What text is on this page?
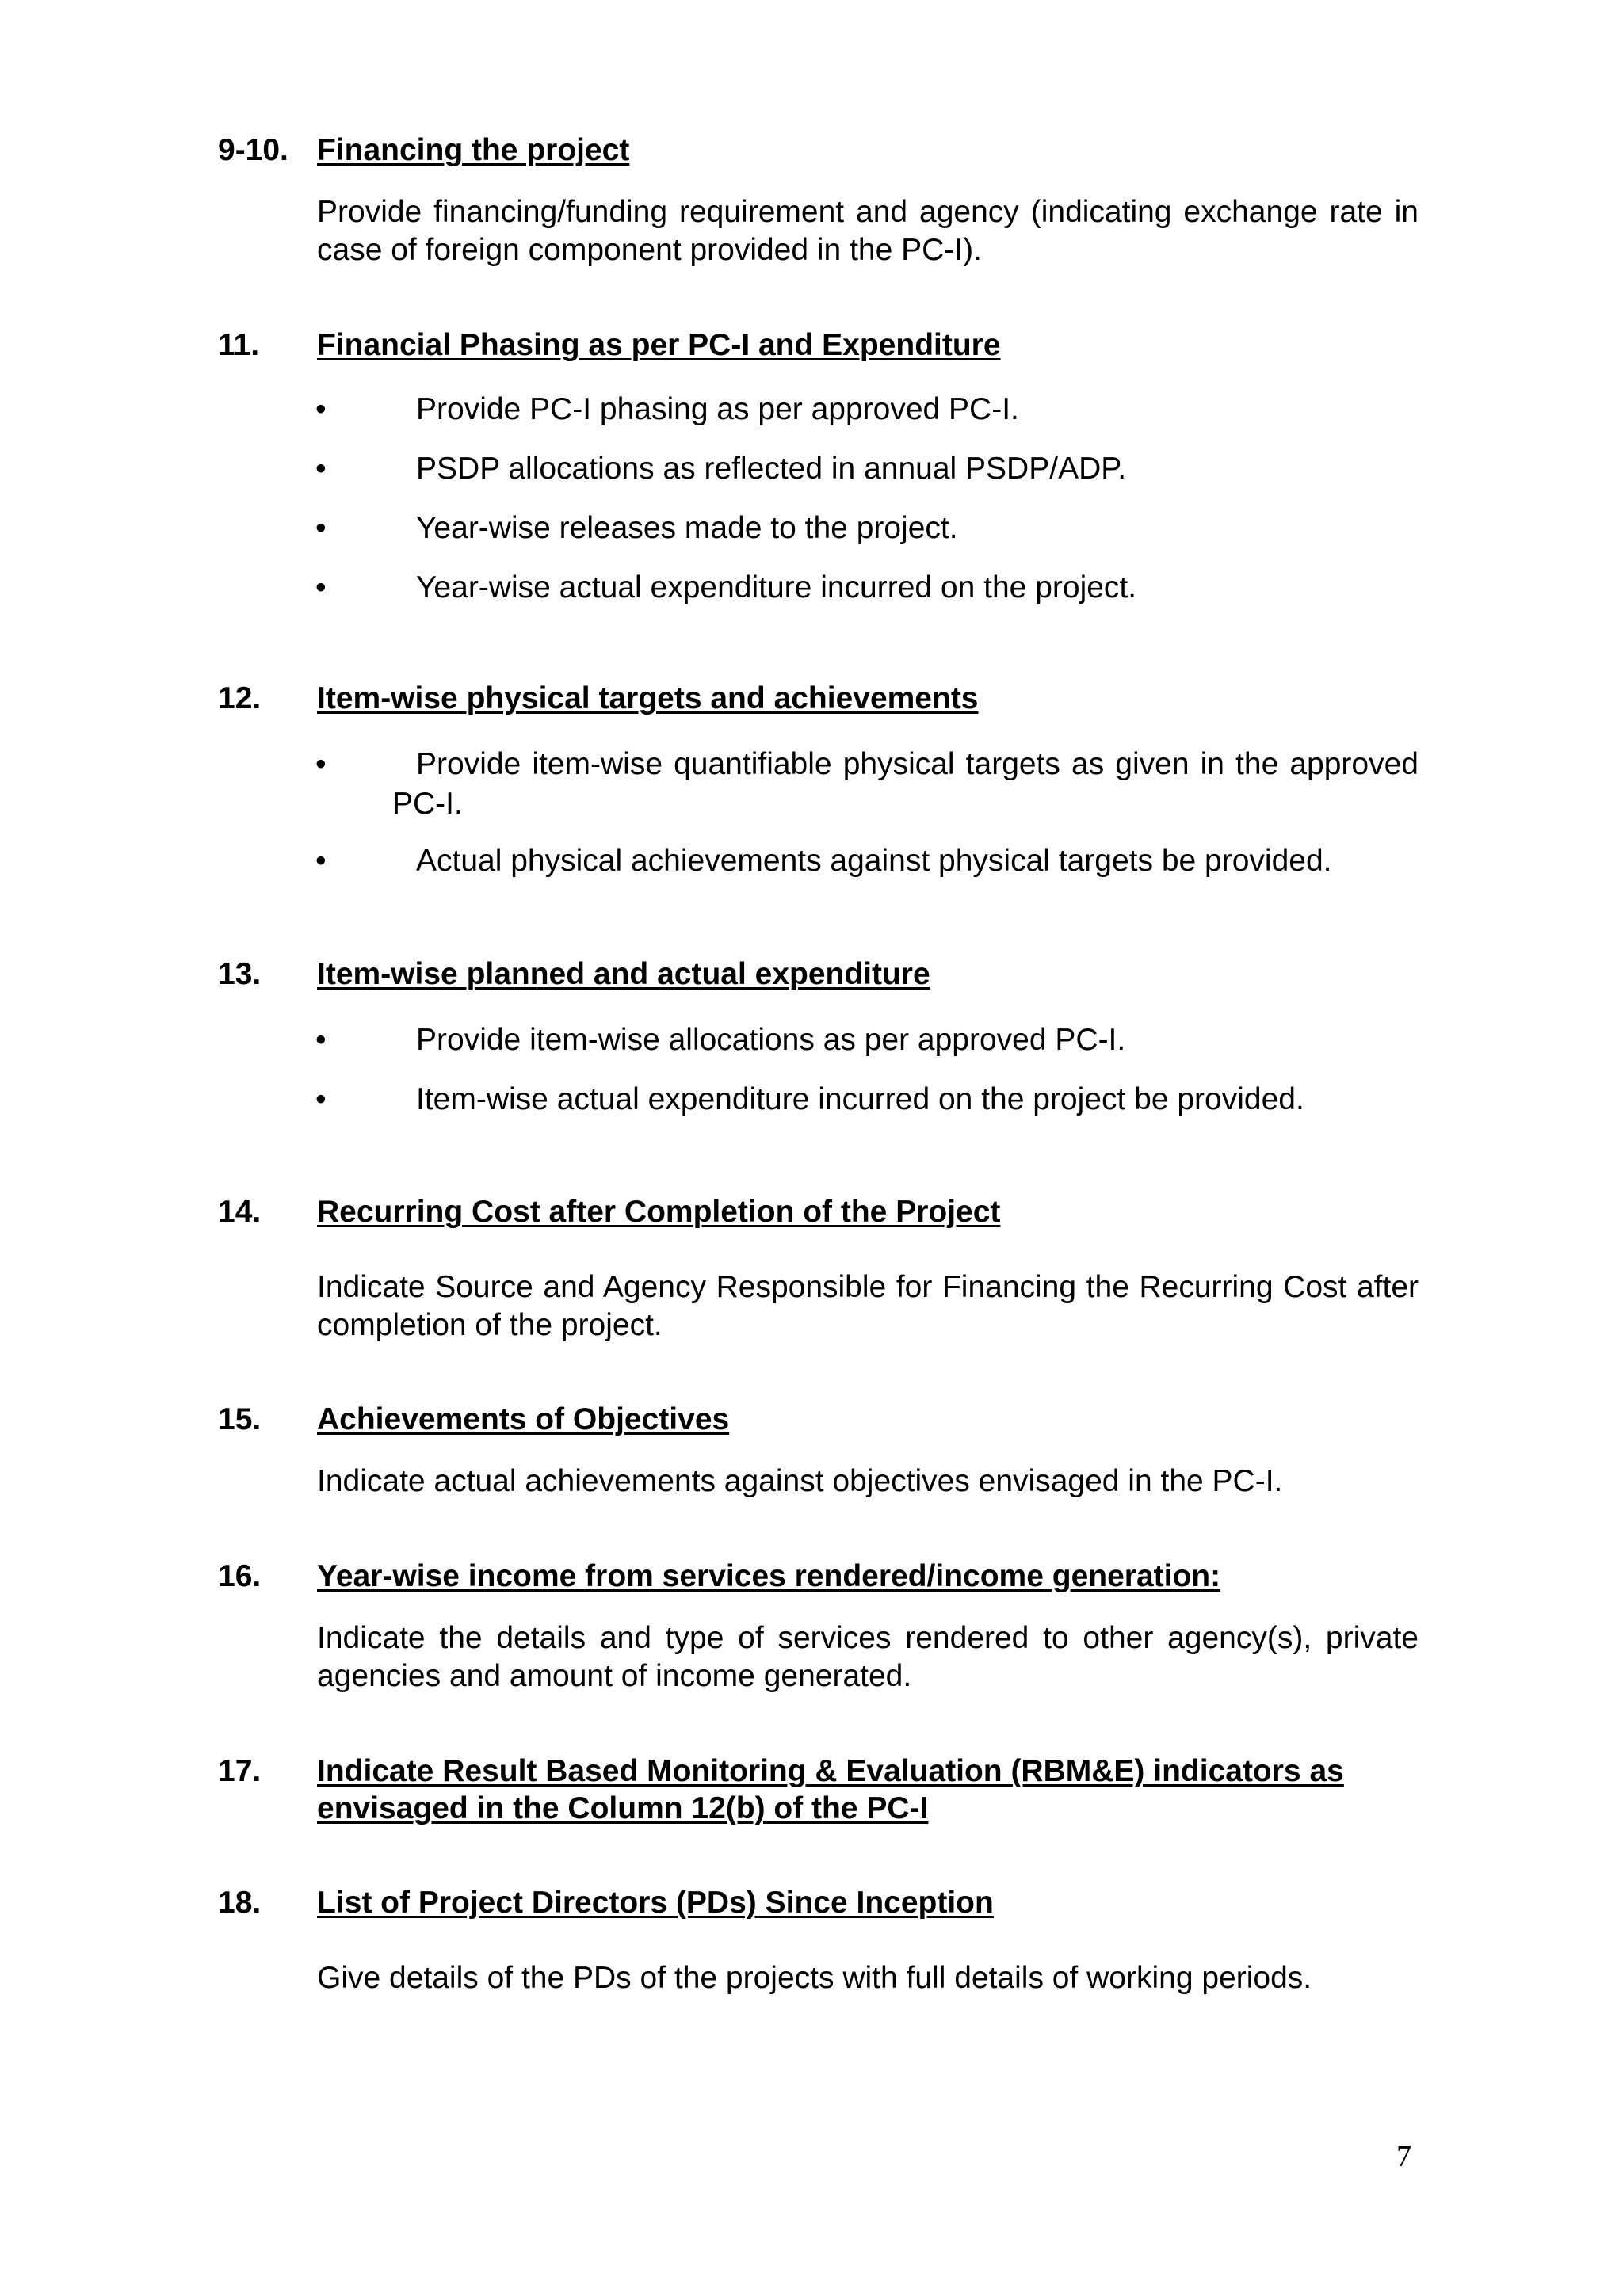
9-10. Financing the project
Provide financing/funding requirement and agency (indicating exchange rate in case of foreign component provided in the PC-I).
11. Financial Phasing as per PC-I and Expenditure
•	Provide PC-I phasing as per approved PC-I.
•	PSDP allocations as reflected in annual PSDP/ADP.
•	Year-wise releases made to the project.
•	Year-wise actual expenditure incurred on the project.
12. Item-wise physical targets and achievements
•	Provide item-wise quantifiable physical targets as given in the approved PC-I.
•	Actual physical achievements against physical targets be provided.
13. Item-wise planned and actual expenditure
•	Provide item-wise allocations as per approved PC-I.
•	Item-wise actual expenditure incurred on the project be provided.
14. Recurring Cost after Completion of the Project
Indicate Source and Agency Responsible for Financing the Recurring Cost after completion of the project.
15. Achievements of Objectives
Indicate actual achievements against objectives envisaged in the PC-I.
16. Year-wise income from services rendered/income generation:
Indicate the details and type of services rendered to other agency(s), private agencies and amount of income generated.
17. Indicate Result Based Monitoring & Evaluation (RBM&E) indicators as envisaged in the Column 12(b) of the PC-I
18. List of Project Directors (PDs) Since Inception
Give details of the PDs of the projects with full details of working periods.
7
